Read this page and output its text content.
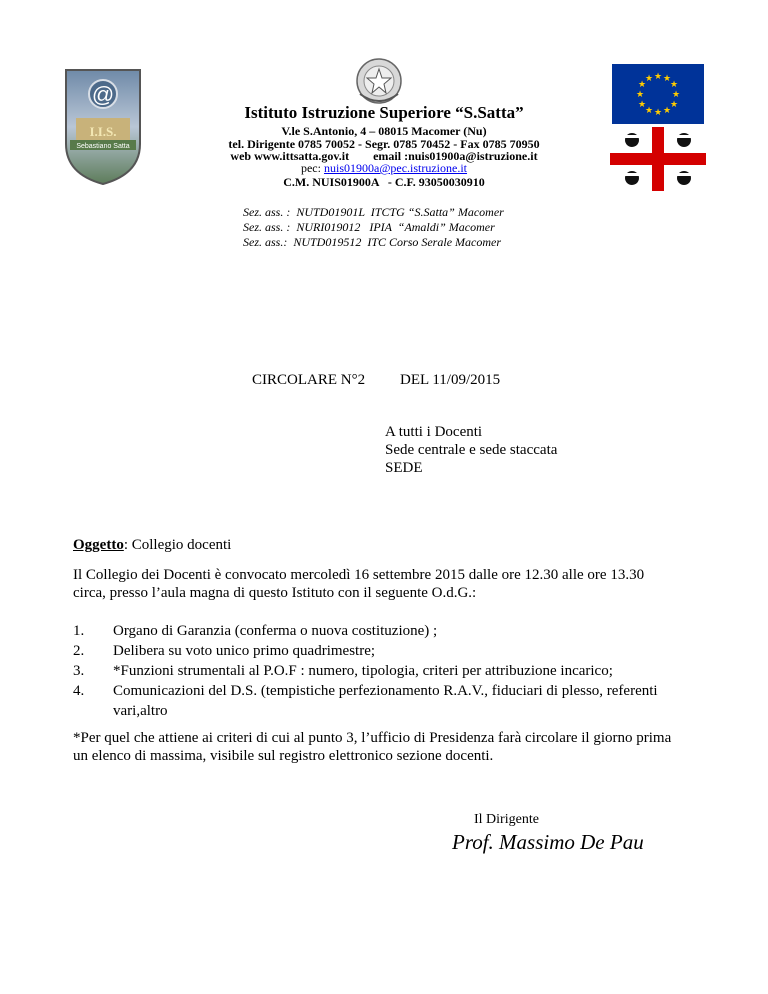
@
I.I.S.
Sebastiano Satta
★ ★
★
★
★
★
★
★
★
★
★
★
Istituto Istruzione Superiore “S.Satta”
V.le S.Antonio, 4 – 08015 Macomer (Nu)
tel. Dirigente 0785 70052 - Segr. 0785 70452 - Fax 0785 70950
web www.ittsatta.gov.it        email :nuis01900a@istruzione.it
pec: nuis01900a@pec.istruzione.it
C.M. NUIS01900A   - C.F. 93050030910
Sez. ass. :  NUTD01901L  ITCTG “S.Satta” Macomer
Sez. ass. :  NURI019012   IPIA  “Amaldi” Macomer
Sez. ass.:  NUTD019512  ITC Corso Serale Macomer
CIRCOLARE N°2 DEL 11/09/2015
A tutti i Docenti
Sede centrale e sede staccata
SEDE
Oggetto: Collegio docenti
Il Collegio dei Docenti è convocato mercoledì 16 settembre 2015 dalle ore 12.30 alle ore 13.30
circa, presso l’aula magna di questo Istituto con il seguente O.d.G.:
1. Organo di Garanzia (conferma o nuova costituzione) ;
2. Delibera su voto unico primo quadrimestre;
3. *Funzioni strumentali al P.O.F : numero, tipologia, criteri per attribuzione incarico;
4. Comunicazioni del D.S. (tempistiche perfezionamento R.A.V., fiduciari di plesso, referenti vari,altro
*Per quel che attiene ai criteri di cui al punto 3, l’ufficio di Presidenza farà circolare il giorno prima
un elenco di massima, visibile sul registro elettronico sezione docenti.
Il Dirigente
Prof. Massimo De Pau
